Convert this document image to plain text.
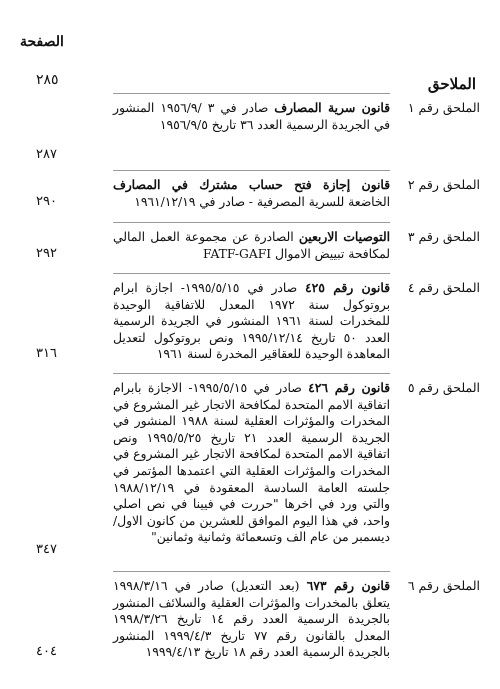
الصفحة
الملاحق
٢٨٥
الملحق رقم ١
قانون سرية المصارف صادر في ٣ /١٩٥٦/٩ المنشور في الجريدة الرسمية العدد ٣٦ تاريخ ١٩٥٦/٩/٥
٢٨٧
الملحق رقم ٢
قانون إجازة فتح حساب مشترك في المصارف الخاضعة للسرية المصرفية - صادر في ١٩٦١/١٢/١٩
٢٩٠
الملحق رقم ٣
التوصيات الاربعين الصادرة عن مجموعة العمل المالي لمكافحة تبييض الاموال FATF-GAFI
٢٩٢
الملحق رقم ٤
قانون رقم ٤٢٥ صادر في ١٩٩٥/٥/١٥- اجازة ابرام بروتوكول سنة ١٩٧٢ المعدل للاتفاقية الوحيدة للمخدرات لسنة ١٩٦١ المنشور في الجريدة الرسمية العدد ٥٠ تاريخ ١٩٩٥/١٢/١٤ ونص بروتوكول لتعديل المعاهدة الوحيدة للعقاقير المخدرة لسنة ١٩٦١
٣١٦
الملحق رقم ٥
قانون رقم ٤٢٦ صادر في ١٩٩٥/٥/١٥- الاجازة بابرام اتفاقية الامم المتحدة لمكافحة الاتجار غير المشروع في المخدرات والمؤثرات العقلية لسنة ١٩٨٨ المنشور في الجريدة الرسمية العدد ٢١ تاريخ ١٩٩٥/٥/٢٥ ونص اتفاقية الامم المتحدة لمكافحة الاتجار غير المشروع في المخدرات والمؤثرات العقلية التي اعتمدها المؤتمر في جلسته العامة السادسة المعقودة في ١٩٨٨/١٢/١٩ والتي ورد في اخرها "حررت في فيينا في نص اصلي واحد، في هذا اليوم الموافق للعشرين من كانون الاول/ديسمبر من عام الف وتسعمائة وثمانية وثمانين"
٣٤٧
الملحق رقم ٦
قانون رقم ٦٧٣ (بعد التعديل) صادر في ١٩٩٨/٣/١٦ يتعلق بالمخدرات والمؤثرات العقلية والسلائف المنشور بالجريدة الرسمية العدد رقم ١٤ تاريخ ١٩٩٨/٣/٢٦ المعدل بالقانون رقم ٧٧ تاريخ ١٩٩٩/٤/٣ المنشور بالجريدة الرسمية العدد رقم ١٨ تاريخ ١٩٩٩/٤/١٣
٤٠٤
